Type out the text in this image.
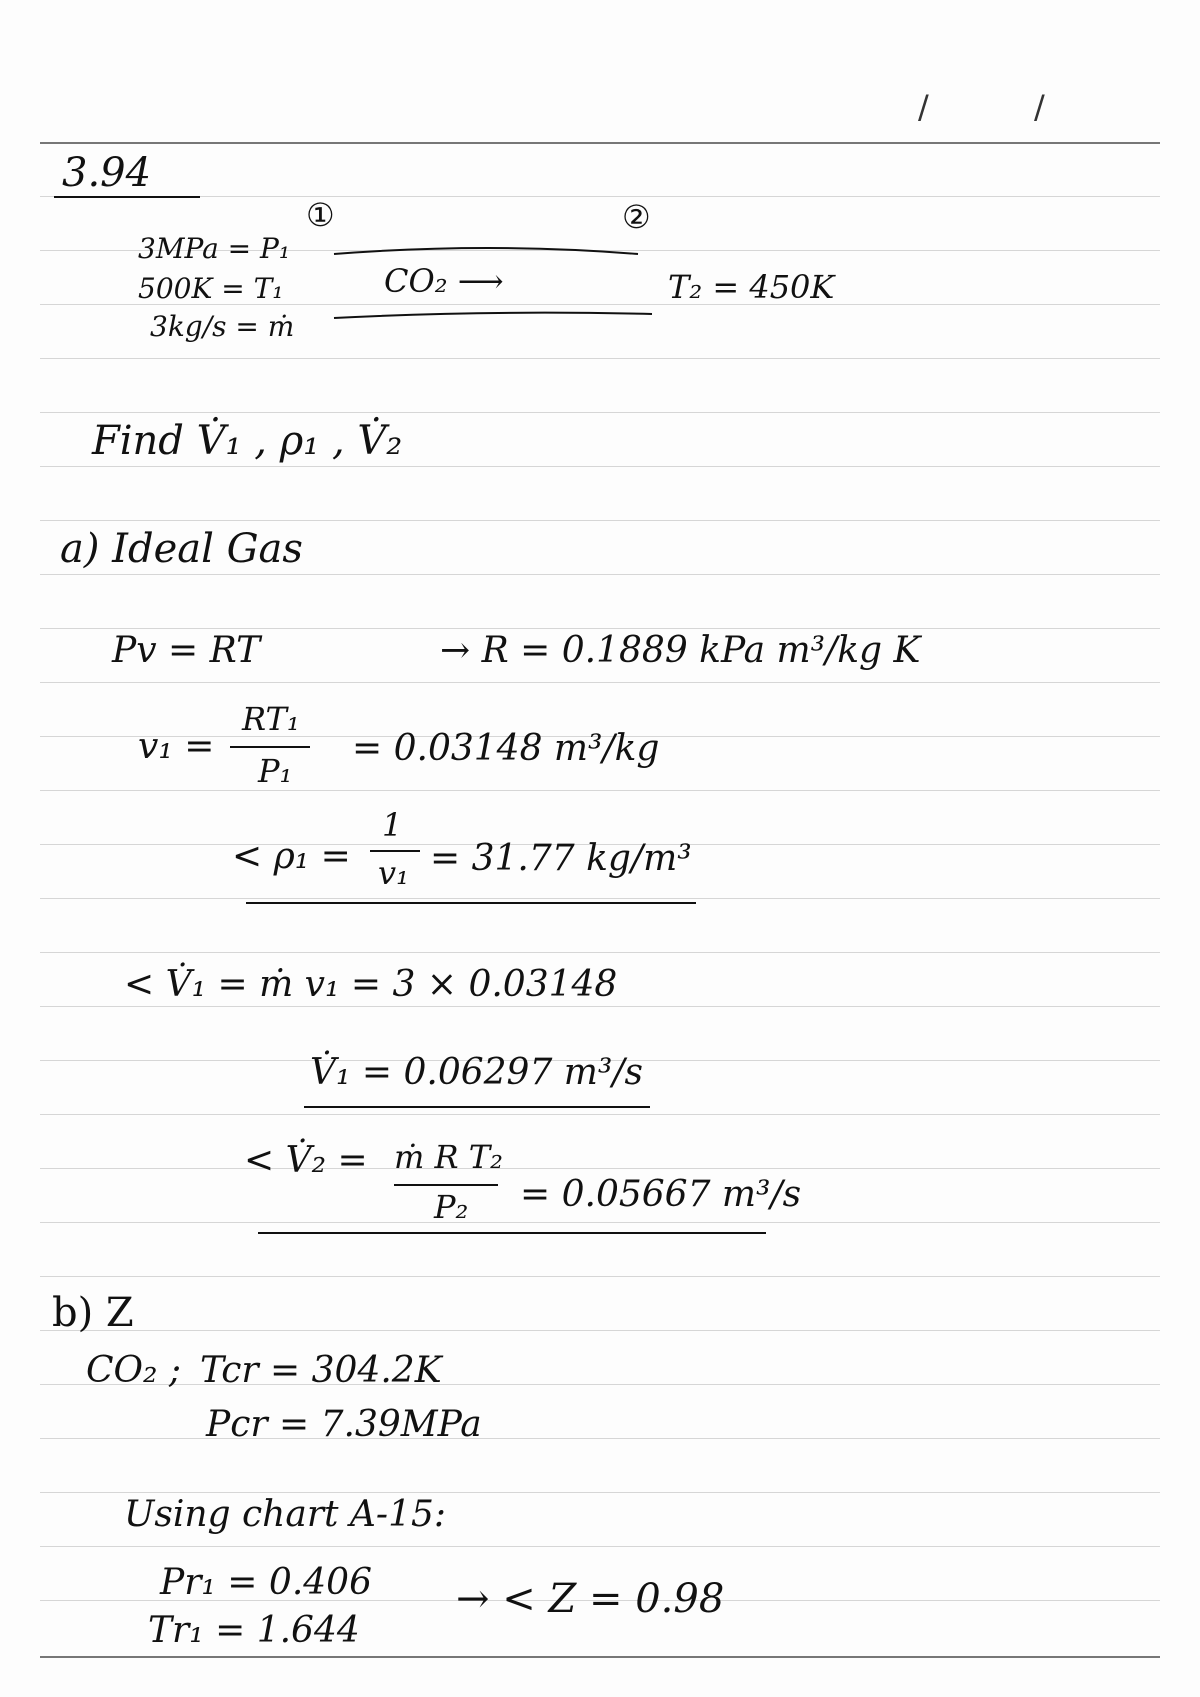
/	/
3.94
①	②
3MPa = P₁
500K = T₁
3kg/s = ṁ
CO₂ ⟶	T₂ = 450K
Find V̇₁ , ρ₁ , V̇₂
a) Ideal Gas
Pv = RT	→ R = 0.1889 kPa m³/kg K
v₁ =
RT₁
P₁
= 0.03148 m³/kg
< ρ₁ =
1
v₁ = 31.77 kg/m³
< V̇₁ = ṁ v₁ = 3 × 0.03148
V̇₁ = 0.06297 m³/s
< V̇₂ = ṁ R T₂
P₂ = 0.05667 m³/s
b) Z
CO₂ ; Tcr = 304.2K
Pcr = 7.39MPa
Using chart A-15:
Pr₁ = 0.406
Tr₁ = 1.644
→ < Z = 0.98
